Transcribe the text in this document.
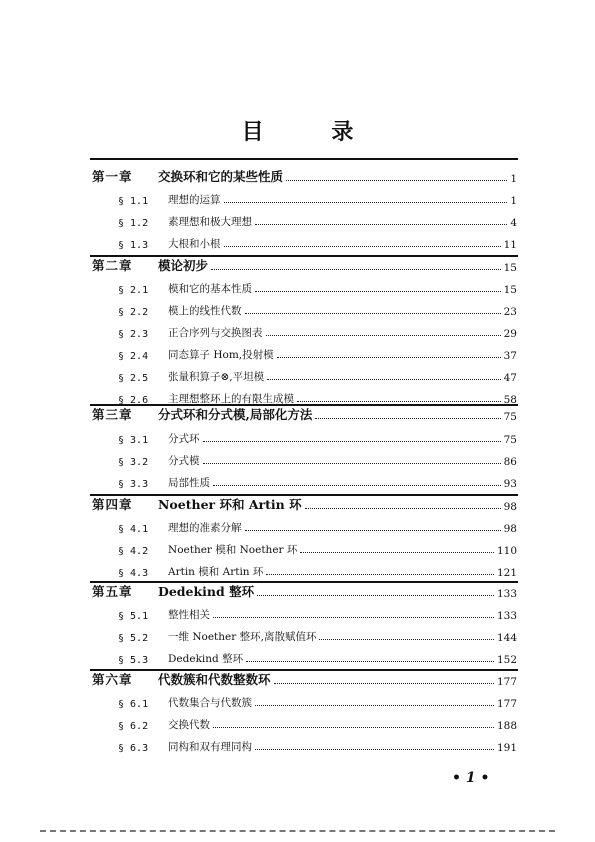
目 录
第一章	交换环和它的某些性质	1
§ 1.1	理想的运算	1
§ 1.2	素理想和极大理想	4
§ 1.3	大根和小根	11
第二章	模论初步	15
§ 2.1	模和它的基本性质	15
§ 2.2	模上的线性代数	23
§ 2.3	正合序列与交换图表	29
§ 2.4	同态算子 Hom,投射模	37
§ 2.5	张量积算子⊗,平坦模	47
§ 2.6	主理想整环上的有限生成模	58
第三章	分式环和分式模,局部化方法	75
§ 3.1	分式环	75
§ 3.2	分式模	86
§ 3.3	局部性质	93
第四章	Noether 环和 Artin 环	98
§ 4.1	理想的准素分解	98
§ 4.2	Noether 模和 Noether 环	110
§ 4.3	Artin 模和 Artin 环	121
第五章	Dedekind 整环	133
§ 5.1	整性相关	133
§ 5.2	一维 Noether 整环,离散赋值环	144
§ 5.3	Dedekind 整环	152
第六章	代数簇和代数整数环	177
§ 6.1	代数集合与代数簇	177
§ 6.2	交换代数	188
§ 6.3	同构和双有理同构	191
• 1 •
